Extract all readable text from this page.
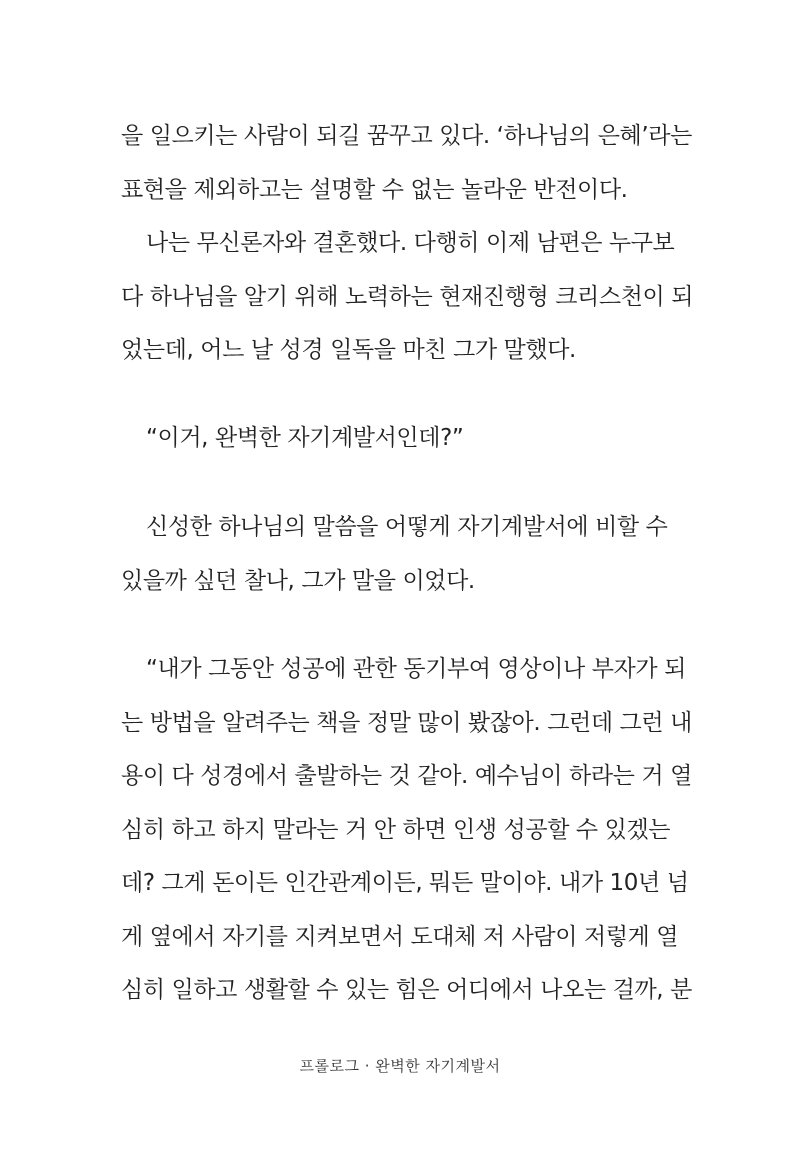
을 일으키는 사람이 되길 꿈꾸고 있다. ‘하나님의 은혜’라는
표현을 제외하고는 설명할 수 없는 놀라운 반전이다.
나는 무신론자와 결혼했다. 다행히 이제 남편은 누구보
다 하나님을 알기 위해 노력하는 현재진행형 크리스천이 되
었는데, 어느 날 성경 일독을 마친 그가 말했다.
“이거, 완벽한 자기계발서인데?”
신성한 하나님의 말씀을 어떻게 자기계발서에 비할 수
있을까 싶던 찰나, 그가 말을 이었다.
“내가 그동안 성공에 관한 동기부여 영상이나 부자가 되
는 방법을 알려주는 책을 정말 많이 봤잖아. 그런데 그런 내
용이 다 성경에서 출발하는 것 같아. 예수님이 하라는 거 열
심히 하고 하지 말라는 거 안 하면 인생 성공할 수 있겠는
데? 그게 돈이든 인간관계이든, 뭐든 말이야. 내가 10년 넘
게 옆에서 자기를 지켜보면서 도대체 저 사람이 저렇게 열
심히 일하고 생활할 수 있는 힘은 어디에서 나오는 걸까, 분
프롤로그 · 완벽한 자기계발서
